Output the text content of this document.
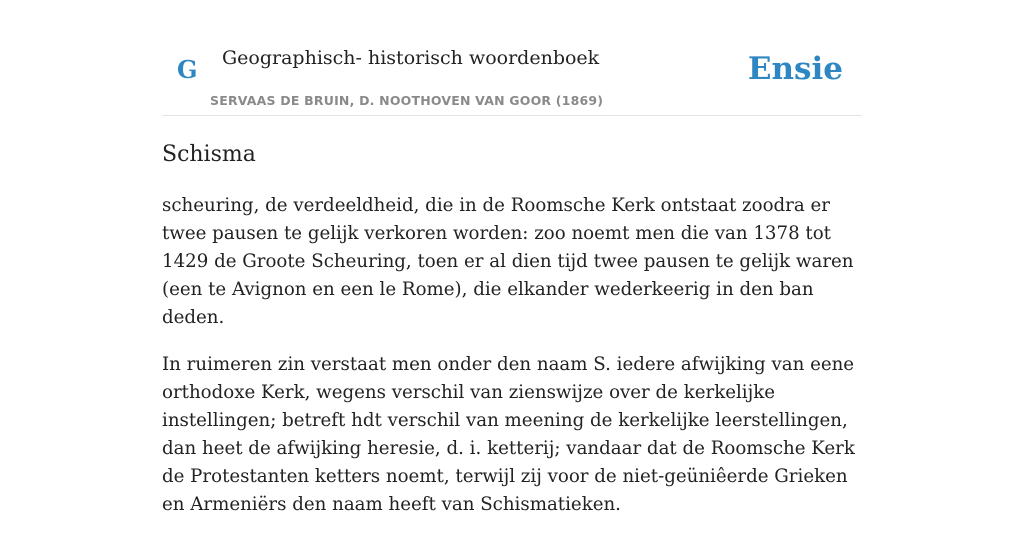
G Geographisch- historisch woordenboek
SERVAAS DE BRUIN, D. NOOTHOVEN VAN GOOR (1869)
Ensie
Schisma

scheuring, de verdeeldheid, die in de Roomsche Kerk ontstaat zoodra er twee pausen te gelijk verkoren worden: zoo noemt men die van 1378 tot 1429 de Groote Scheuring, toen er al dien tijd twee pausen te gelijk waren (een te Avignon en een le Rome), die elkander wederkeerig in den ban deden.

In ruimeren zin verstaat men onder den naam S. iedere afwijking van eene orthodoxe Kerk, wegens verschil van zienswijze over de kerkelijke instellingen; betreft hdt verschil van meening de kerkelijke leerstellingen, dan heet de afwijking heresie, d. i. ketterij; vandaar dat de Roomsche Kerk de Protestanten ketters noemt, terwijl zij voor de niet-geüniêerde Grieken en Armeniërs den naam heeft van Schismatieken.
